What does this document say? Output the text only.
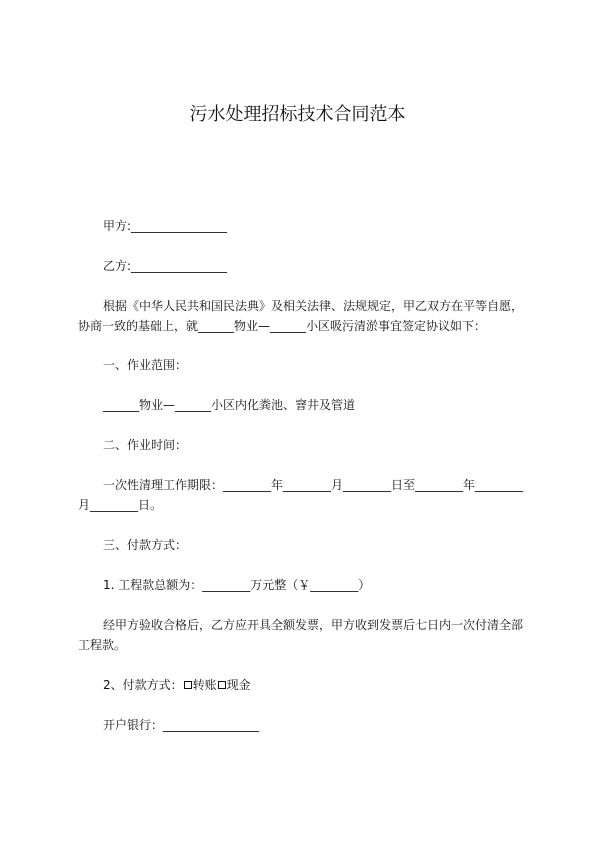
污水处理招标技术合同范本
甲方:________________
乙方:________________
根据《中华人民共和国民法典》及相关法律、法规规定，甲乙双方在平等自愿，
协商一致的基础上，就______物业—______小区吸污清淤事宜签定协议如下：
一、作业范围：
______物业—______小区内化粪池、窨井及管道
二、作业时间：
一次性清理工作期限：________年________月________日至________年________
月________日。
三、付款方式：
1. 工程款总额为：________万元整（￥________）
经甲方验收合格后，乙方应开具全额发票，甲方收到发票后七日内一次付清全部
工程款。
2、付款方式： 转账 现金
开户银行：________________
